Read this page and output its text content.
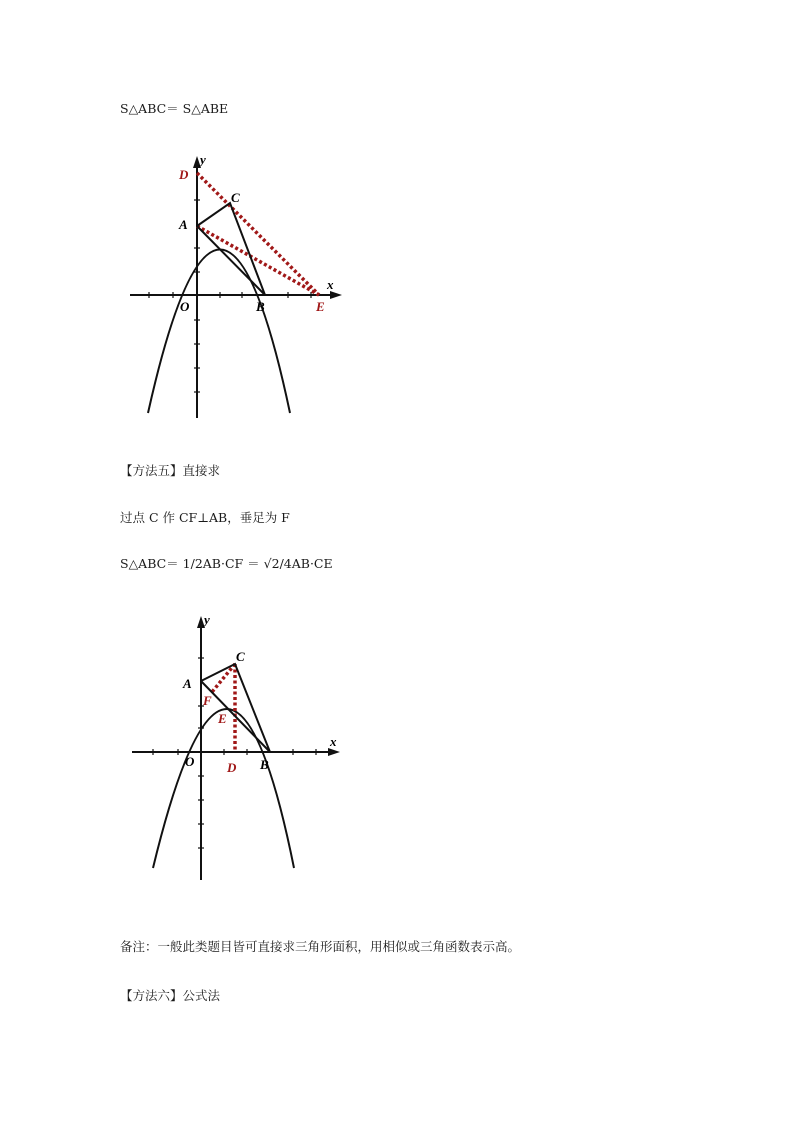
S△ABC＝ S△ABE
y
x
O
A
B
C
D
E
【方法五】直接求
过点 C 作 CF⊥AB，垂足为 F
S△ABC＝ 1/2AB·CF ＝ √2/4AB·CE
y
x
O
A
B
C
F
E
D
备注：一般此类题目皆可直接求三角形面积，用相似或三角函数表示高。
【方法六】公式法
